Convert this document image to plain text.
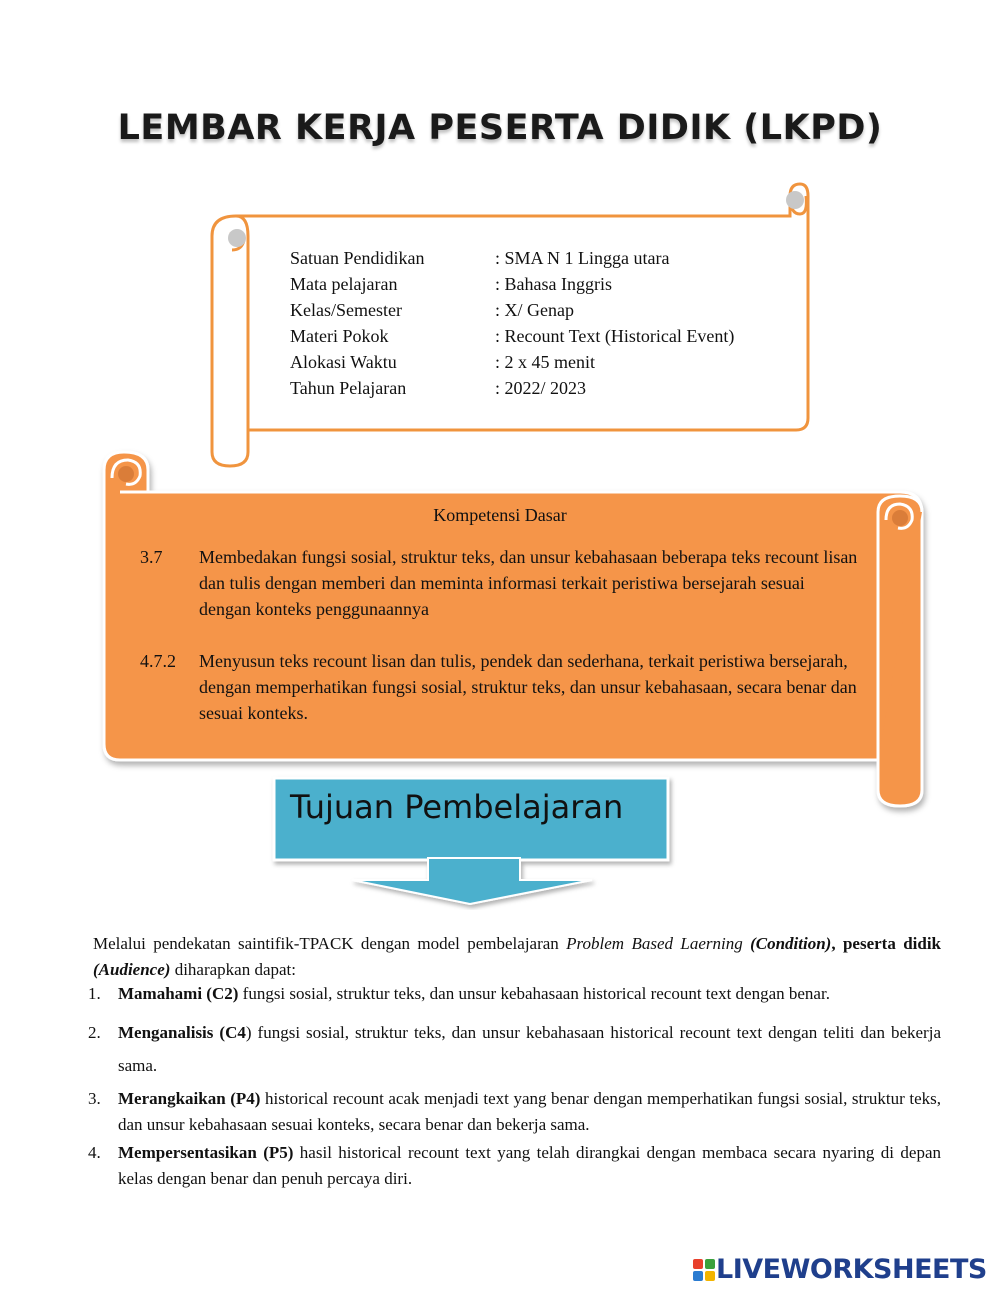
LEMBAR KERJA PESERTA DIDIK (LKPD)
Satuan Pendidikan	: SMA N 1 Lingga utara
Mata pelajaran	: Bahasa Inggris
Kelas/Semester	: X/ Genap
Materi Pokok	: Recount Text (Historical Event)
Alokasi Waktu	: 2 x 45 menit
Tahun Pelajaran	: 2022/ 2023
Kompetensi Dasar
3.7	Membedakan fungsi sosial, struktur teks, dan unsur kebahasaan beberapa teks recount lisan dan tulis dengan memberi dan meminta informasi terkait peristiwa bersejarah sesuai dengan konteks penggunaannya
4.7.2	Menyusun teks recount lisan dan tulis, pendek dan sederhana, terkait peristiwa bersejarah, dengan memperhatikan fungsi sosial, struktur teks, dan unsur kebahasaan, secara benar dan sesuai konteks.
Tujuan Pembelajaran
Melalui pendekatan saintifik-TPACK dengan model pembelajaran Problem Based Laerning (Condition), peserta didik (Audience) diharapkan dapat:
1.	Mamahami (C2) fungsi sosial, struktur teks, dan unsur kebahasaan historical recount text dengan benar.
2.	Menganalisis (C4) fungsi sosial, struktur teks, dan unsur kebahasaan historical recount text dengan teliti dan bekerja sama.
3.	Merangkaikan (P4) historical recount acak menjadi text yang benar dengan memperhatikan fungsi sosial, struktur teks, dan unsur kebahasaan sesuai konteks, secara benar dan bekerja sama.
4.	Mempersentasikan (P5) hasil historical recount text yang telah dirangkai dengan membaca secara nyaring di depan kelas dengan benar dan penuh percaya diri.
LIVEWORKSHEETS
